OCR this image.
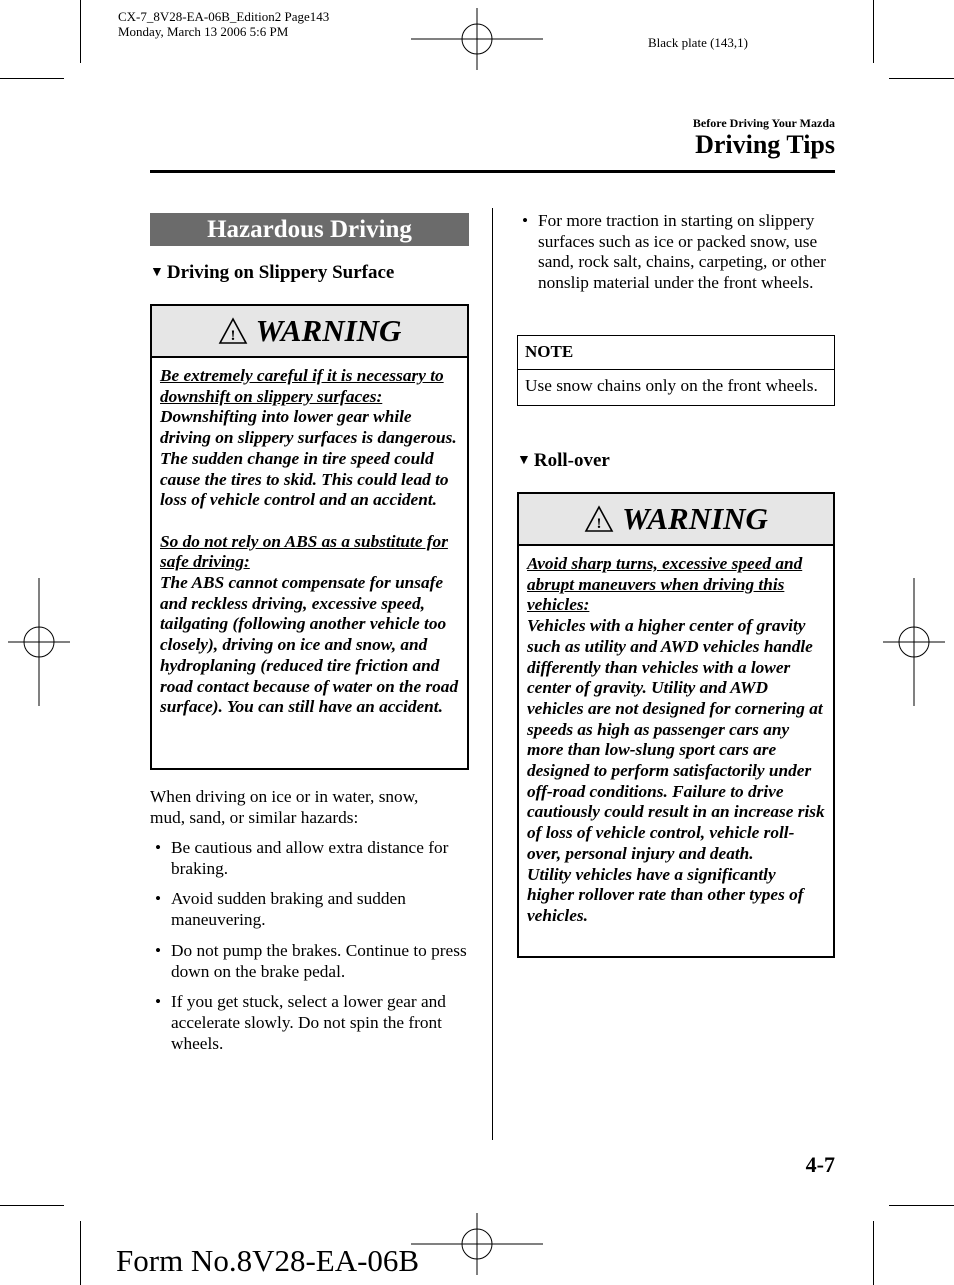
CX-7_8V28-EA-06B_Edition2 Page143
Monday, March 13 2006 5:6 PM
Black plate (143,1)
Before Driving Your Mazda
Driving Tips
Hazardous Driving
▼ Driving on Slippery Surface
! WARNING
Be extremely careful if it is necessary to downshift on slippery surfaces:
Downshifting into lower gear while driving on slippery surfaces is dangerous. The sudden change in tire speed could cause the tires to skid. This could lead to loss of vehicle control and an accident.
So do not rely on ABS as a substitute for safe driving:
The ABS cannot compensate for unsafe and reckless driving, excessive speed, tailgating (following another vehicle too closely), driving on ice and snow, and hydroplaning (reduced tire friction and road contact because of water on the road surface). You can still have an accident.
When driving on ice or in water, snow, mud, sand, or similar hazards:
• Be cautious and allow extra distance for braking.
• Avoid sudden braking and sudden maneuvering.
• Do not pump the brakes. Continue to press down on the brake pedal.
• If you get stuck, select a lower gear and accelerate slowly. Do not spin the front wheels.
• For more traction in starting on slippery surfaces such as ice or packed snow, use sand, rock salt, chains, carpeting, or other nonslip material under the front wheels.
NOTE
Use snow chains only on the front wheels.
▼ Roll-over
! WARNING
Avoid sharp turns, excessive speed and abrupt maneuvers when driving this vehicles:
Vehicles with a higher center of gravity such as utility and AWD vehicles handle differently than vehicles with a lower center of gravity. Utility and AWD vehicles are not designed for cornering at speeds as high as passenger cars any more than low-slung sport cars are designed to perform satisfactorily under off-road conditions. Failure to drive cautiously could result in an increase risk of loss of vehicle control, vehicle roll-over, personal injury and death.
Utility vehicles have a significantly higher rollover rate than other types of vehicles.
4-7
Form No.8V28-EA-06B
